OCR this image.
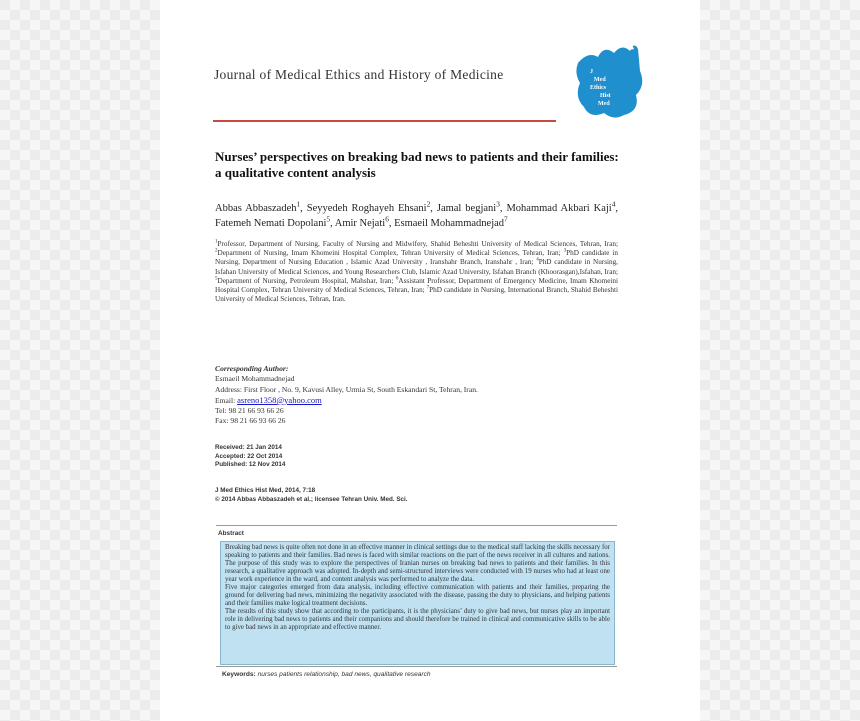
Journal of Medical Ethics and History of Medicine	J
Med
Ethics
Hist
Med
Nurses’ perspectives on breaking bad news to patients and their families:
a qualitative content analysis
Abbas Abbaszadeh$^1$, Seyyedeh Roghayeh Ehsani$^2$, Jamal begjani$^3$, Mohammad Akbari Kaji$^4$, Fatemeh Nemati Dopolani$^5$, Amir Nejati$^6$, Esmaeil Mohammadnejad$^7$
$^1$Professor, Department of Nursing, Faculty of Nursing and Midwifery, Shahid Beheshti University of Medical Sciences, Tehran, Iran; $^2$Department of Nursing, Imam Khomeini Hospital Complex, Tehran University of Medical Sciences, Tehran, Iran; $^3$PhD candidate in Nursing, Department of Nursing Education , Islamic Azad University , Iranshahr Branch, Iranshahr , Iran; $^4$PhD candidate in Nursing, Isfahan University of Medical Sciences, and Young Researchers Club, Islamic Azad University, Isfahan Branch (Khoorasgan),Isfahan, Iran; $^5$Department of Nursing, Petroleum Hospital, Mahshar, Iran; $^6$Assistant Professor, Department of Emergency Medicine, Imam Khomeini Hospital Complex, Tehran University of Medical Sciences, Tehran, Iran; $^7$PhD candidate in Nursing, International Branch, Shahid Beheshti University of Medical Sciences, Tehran, Iran.
Corresponding Author:
Esmaeil Mohammadnejad
Address: First Floor , No. 9, Kavusi Alley, Urmia St, South Eskandari St, Tehran, Iran.
Email: asreno1358@yahoo.com
Tel: 98 21 66 93 66 26
Fax: 98 21 66 93 66 26
Received: 21 Jan 2014
Accepted: 22 Oct 2014
Published: 12 Nov 2014
J Med Ethics Hist Med, 2014, 7:18
© 2014 Abbas Abbaszadeh et al.; licensee Tehran Univ. Med. Sci.
Abstract

Breaking bad news is quite often not done in an effective manner in clinical settings due to the medical staff lacking the skills necessary for speaking to patients and their families. Bad news is faced with similar reactions on the part of the news receiver in all cultures and nations. The purpose of this study was to explore the perspectives of Iranian nurses on breaking bad news to patients and their families. In this research, a qualitative approach was adopted. In-depth and semi-structured interviews were conducted with 19 nurses who had at least one year work experience in the ward, and content analysis was performed to analyze the data.

Five major categories emerged from data analysis, including effective communication with patients and their families, preparing the ground for delivering bad news, minimizing the negativity associated with the disease, passing the duty to physicians, and helping patients and their families make logical treatment decisions.

The results of this study show that according to the participants, it is the physicians’ duty to give bad news, but nurses play an important role in delivering bad news to patients and their companions and should therefore be trained in clinical and communicative skills to be able to give bad news in an appropriate and effective manner.

Keywords: nurses patients relationship, bad news, qualitative research
